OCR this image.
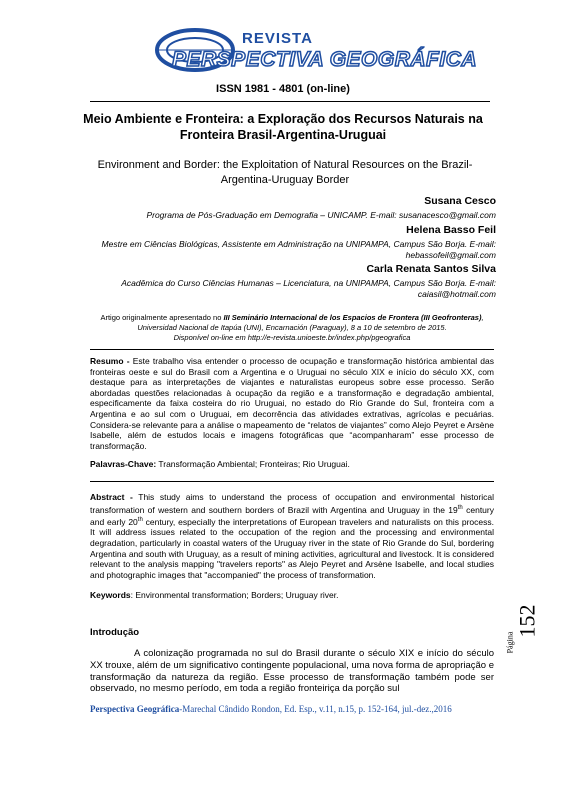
REVISTA
PERSPECTIVA GEOGRÁFICA
ISSN 1981 - 4801 (on-line)
Meio Ambiente e Fronteira: a Exploração dos Recursos Naturais na Fronteira Brasil-Argentina-Uruguai
Environment and Border: the Exploitation of Natural Resources on the Brazil-Argentina-Uruguay Border
Susana Cesco
Programa de Pós-Graduação em Demografia – UNICAMP. E-mail: susanacesco@gmail.com
Helena Basso Feil
Mestre em Ciências Biológicas, Assistente em Administração na UNIPAMPA, Campus São Borja. E-mail: hebassofeil@gmail.com
Carla Renata Santos Silva
Acadêmica do Curso Ciências Humanas – Licenciatura, na UNIPAMPA, Campus São Borja. E-mail: caiasil@hotmail.com
Artigo originalmente apresentado no III Seminário Internacional de los Espacios de Frontera (III Geofronteras), Universidad Nacional de Itapúa (UNI), Encarnación (Paraguay), 8 a 10 de setembro de 2015.
Disponível on-line em http://e-revista.unioeste.br/index.php/pgeografica
Resumo - Este trabalho visa entender o processo de ocupação e transformação histórica ambiental das fronteiras oeste e sul do Brasil com a Argentina e o Uruguai no século XIX e início do século XX, com destaque para as interpretações de viajantes e naturalistas europeus sobre esse processo. Serão abordadas questões relacionadas à ocupação da região e a transformação e degradação ambiental, especificamente da faixa costeira do rio Uruguai, no estado do Rio Grande do Sul, fronteira com a Argentina e ao sul com o Uruguai, em decorrência das atividades extrativas, agrícolas e pecuárias. Considera-se relevante para a análise o mapeamento de “relatos de viajantes” como Alejo Peyret e Arsène Isabelle, além de estudos locais e imagens fotográficas que “acompanharam” esse processo de transformação.
Palavras-Chave: Transformação Ambiental; Fronteiras; Rio Uruguai.
Abstract - This study aims to understand the process of occupation and environmental historical transformation of western and southern borders of Brazil with Argentina and Uruguay in the 19th century and early 20th century, especially the interpretations of European travelers and naturalists on this process. It will address issues related to the occupation of the region and the processing and environmental degradation, particularly in coastal waters of the Uruguay river in the state of Rio Grande do Sul, bordering Argentina and south with Uruguay, as a result of mining activities, agricultural and livestock. It is considered relevant to the analysis mapping "travelers reports" as Alejo Peyret and Arsène Isabelle, and local studies and photographic images that "accompanied" the process of transformation.
Keywords: Environmental transformation; Borders; Uruguay river.
Introdução
A colonização programada no sul do Brasil durante o século XIX e início do século XX trouxe, além de um significativo contingente populacional, uma nova forma de apropriação e transformação da natureza da região. Esse processo de transformação também pode ser observado, no mesmo período, em toda a região fronteiriça da porção sul
Página
152
Perspectiva Geográfica-Marechal Cândido Rondon, Ed. Esp., v.11, n.15, p. 152-164, jul.-dez.,2016
